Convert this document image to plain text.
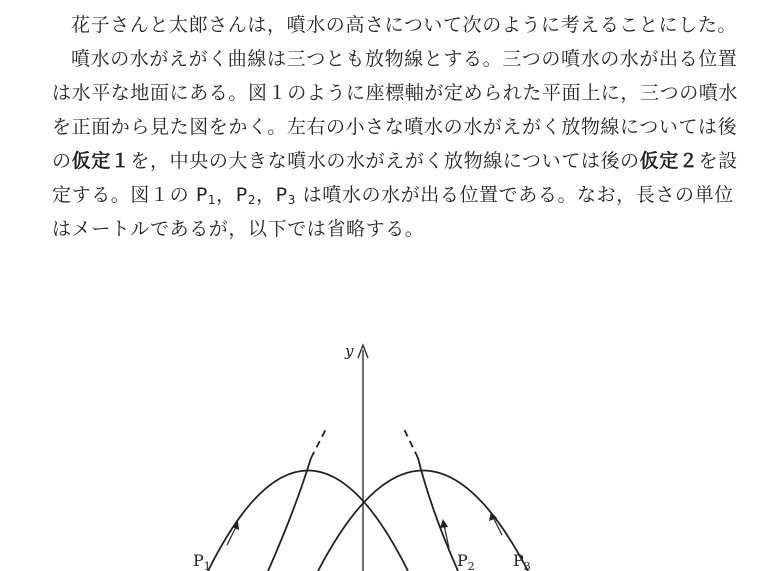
花子さんと太郎さんは，噴水の高さについて次のように考えることにした。
噴水の水がえがく曲線は三つとも放物線とする。三つの噴水の水が出る位置
は水平な地面にある。図１のように座標軸が定められた平面上に，三つの噴水
を正面から見た図をかく。左右の小さな噴水の水がえがく放物線については後
の仮定１を，中央の大きな噴水の水がえがく放物線については後の仮定２を設
定する。図１の $P_1$，$P_2$，$P_3$ は噴水の水が出る位置である。なお，長さの単位
はメートルであるが，以下では省略する。
y
$P_1$	$P_2$ $P_3$
